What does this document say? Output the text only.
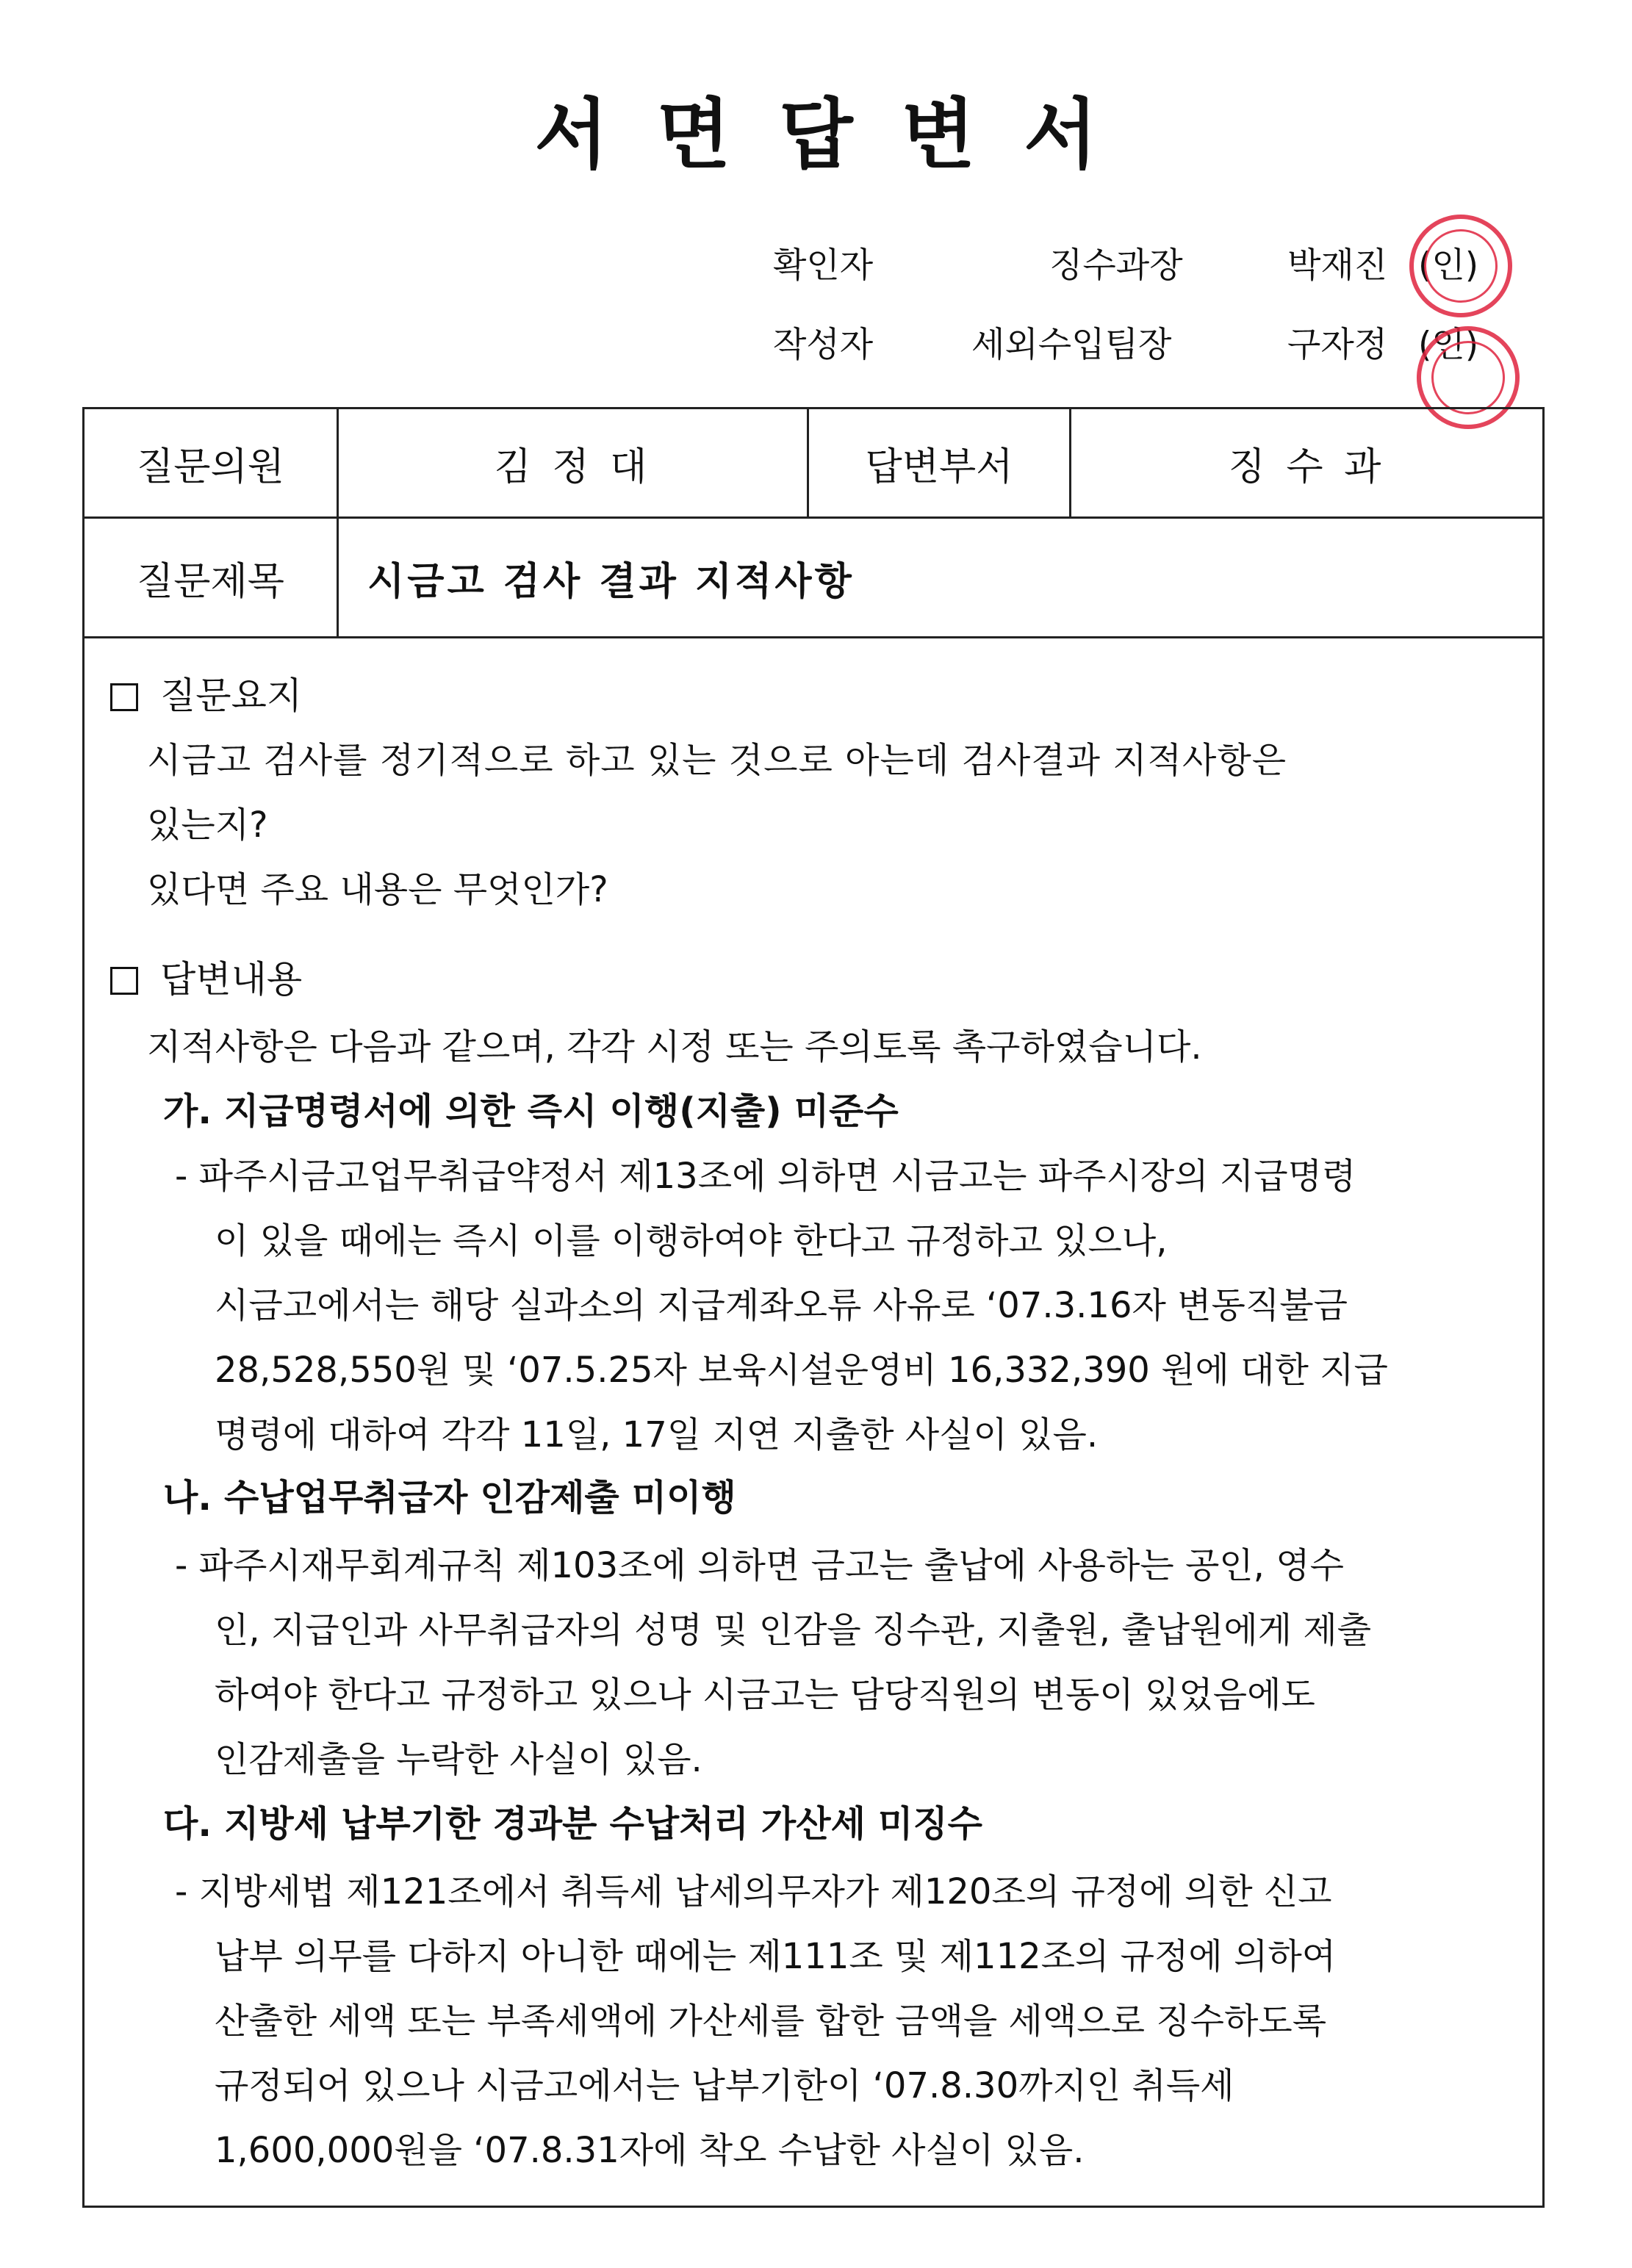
서면답변서
확인자	징수과장	박재진 (인)
작성자	세외수입팀장	구자정 (인)
질문의원	김 정 대	답변부서	징 수 과
질문제목	시금고 검사 결과 지적사항
질문요지
시금고 검사를 정기적으로 하고 있는 것으로 아는데 검사결과 지적사항은
있는지?
있다면 주요 내용은 무엇인가?
답변내용
지적사항은 다음과 같으며, 각각 시정 또는 주의토록 촉구하였습니다.
가. 지급명령서에 의한 즉시 이행(지출) 미준수
- 파주시금고업무취급약정서 제13조에 의하면 시금고는 파주시장의 지급명령
이 있을 때에는 즉시 이를 이행하여야 한다고 규정하고 있으나,
시금고에서는 해당 실과소의 지급계좌오류 사유로 ‘07.3.16자 변동직불금
28,528,550원 및 ‘07.5.25자 보육시설운영비 16,332,390 원에 대한 지급
명령에 대하여 각각 11일, 17일 지연 지출한 사실이 있음.
나. 수납업무취급자 인감제출 미이행
- 파주시재무회계규칙 제103조에 의하면 금고는 출납에 사용하는 공인, 영수
인, 지급인과 사무취급자의 성명 및 인감을 징수관, 지출원, 출납원에게 제출
하여야 한다고 규정하고 있으나 시금고는 담당직원의 변동이 있었음에도
인감제출을 누락한 사실이 있음.
다. 지방세 납부기한 경과분 수납처리 가산세 미징수
- 지방세법 제121조에서 취득세 납세의무자가 제120조의 규정에 의한 신고
납부 의무를 다하지 아니한 때에는 제111조 및 제112조의 규정에 의하여
산출한 세액 또는 부족세액에 가산세를 합한 금액을 세액으로 징수하도록
규정되어 있으나 시금고에서는 납부기한이 ‘07.8.30까지인 취득세
1,600,000원을 ‘07.8.31자에 착오 수납한 사실이 있음.
